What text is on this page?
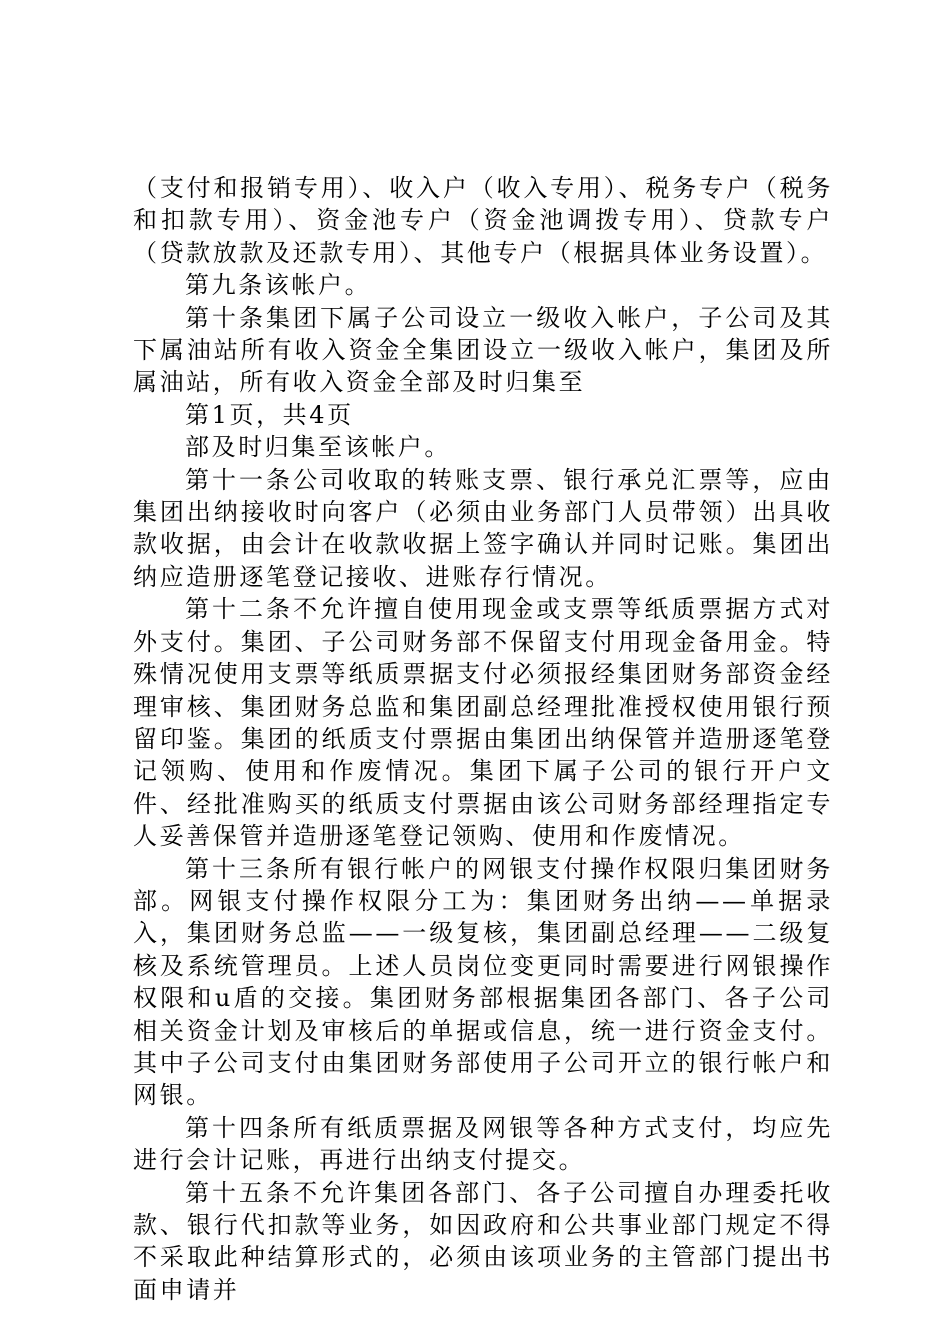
（支付和报销专用）、收入户（收入专用）、税务专户（税务和扣款专用）、资金池专户（资金池调拨专用）、贷款专户（贷款放款及还款专用）、其他专户（根据具体业务设置）。

第九条该帐户。

第十条集团下属子公司设立一级收入帐户，子公司及其下属油站所有收入资金全集团设立一级收入帐户，集团及所属油站，所有收入资金全部及时归集至

第1页，共4页

部及时归集至该帐户。

第十一条公司收取的转账支票、银行承兑汇票等，应由集团出纳接收时向客户（必须由业务部门人员带领）出具收款收据，由会计在收款收据上签字确认并同时记账。集团出纳应造册逐笔登记接收、进账存行情况。

第十二条不允许擅自使用现金或支票等纸质票据方式对外支付。集团、子公司财务部不保留支付用现金备用金。特殊情况使用支票等纸质票据支付必须报经集团财务部资金经理审核、集团财务总监和集团副总经理批准授权使用银行预留印鉴。集团的纸质支付票据由集团出纳保管并造册逐笔登记领购、使用和作废情况。集团下属子公司的银行开户文件、经批准购买的纸质支付票据由该公司财务部经理指定专人妥善保管并造册逐笔登记领购、使用和作废情况。

第十三条所有银行帐户的网银支付操作权限归集团财务部。网银支付操作权限分工为：集团财务出纳——单据录入，集团财务总监——一级复核，集团副总经理——二级复核及系统管理员。上述人员岗位变更同时需要进行网银操作权限和u盾的交接。集团财务部根据集团各部门、各子公司相关资金计划及审核后的单据或信息，统一进行资金支付。其中子公司支付由集团财务部使用子公司开立的银行帐户和网银。

第十四条所有纸质票据及网银等各种方式支付，均应先进行会计记账，再进行出纳支付提交。

第十五条不允许集团各部门、各子公司擅自办理委托收款、银行代扣款等业务，如因政府和公共事业部门规定不得不采取此种结算形式的，必须由该项业务的主管部门提出书面申请并
